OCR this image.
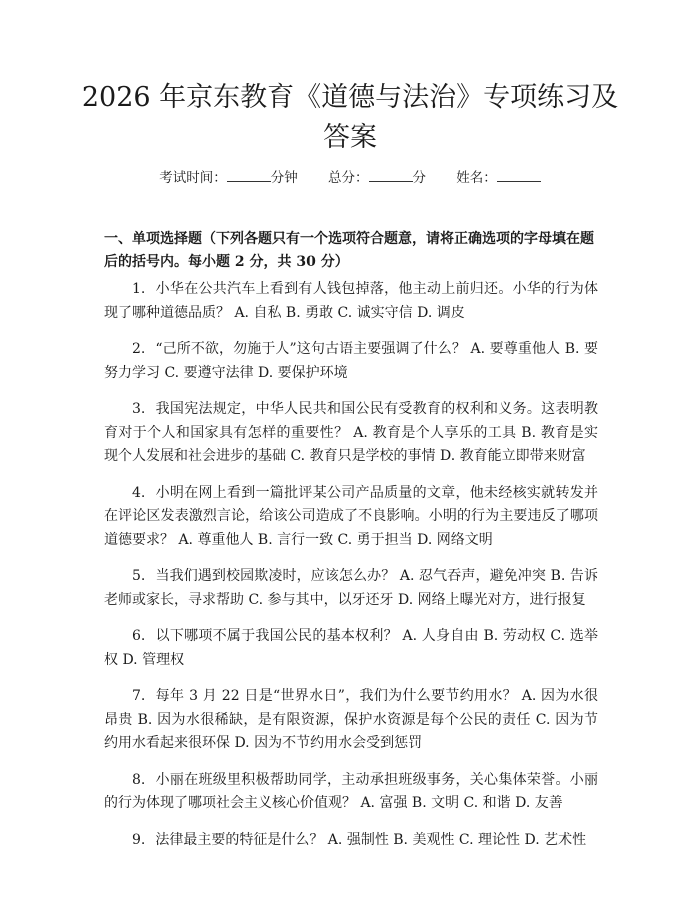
2026 年京东教育《道德与法治》专项练习及答案
考试时间：	分钟 总分：	分 姓名：
一、单项选择题（下列各题只有一个选项符合题意，请将正确选项的字母填在题后的括号内。每小题 2 分，共 30 分）
1. 小华在公共汽车上看到有人钱包掉落，他主动上前归还。小华的行为体现了哪种道德品质？ A. 自私 B. 勇敢 C. 诚实守信 D. 调皮
2. “己所不欲，勿施于人”这句古语主要强调了什么？ A. 要尊重他人 B. 要努力学习 C. 要遵守法律 D. 要保护环境
3. 我国宪法规定，中华人民共和国公民有受教育的权利和义务。这表明教育对于个人和国家具有怎样的重要性？ A. 教育是个人享乐的工具 B. 教育是实现个人发展和社会进步的基础 C. 教育只是学校的事情 D. 教育能立即带来财富
4. 小明在网上看到一篇批评某公司产品质量的文章，他未经核实就转发并在评论区发表激烈言论，给该公司造成了不良影响。小明的行为主要违反了哪项道德要求？ A. 尊重他人 B. 言行一致 C. 勇于担当 D. 网络文明
5. 当我们遇到校园欺凌时，应该怎么办？ A. 忍气吞声，避免冲突 B. 告诉老师或家长，寻求帮助 C. 参与其中，以牙还牙 D. 网络上曝光对方，进行报复
6. 以下哪项不属于我国公民的基本权利？ A. 人身自由 B. 劳动权 C. 选举权 D. 管理权
7. 每年 3 月 22 日是“世界水日”，我们为什么要节约用水？ A. 因为水很昂贵 B. 因为水很稀缺，是有限资源，保护水资源是每个公民的责任 C. 因为节约用水看起来很环保 D. 因为不节约用水会受到惩罚
8. 小丽在班级里积极帮助同学，主动承担班级事务，关心集体荣誉。小丽的行为体现了哪项社会主义核心价值观？ A. 富强 B. 文明 C. 和谐 D. 友善
9. 法律最主要的特征是什么？ A. 强制性 B. 美观性 C. 理论性 D. 艺术性
